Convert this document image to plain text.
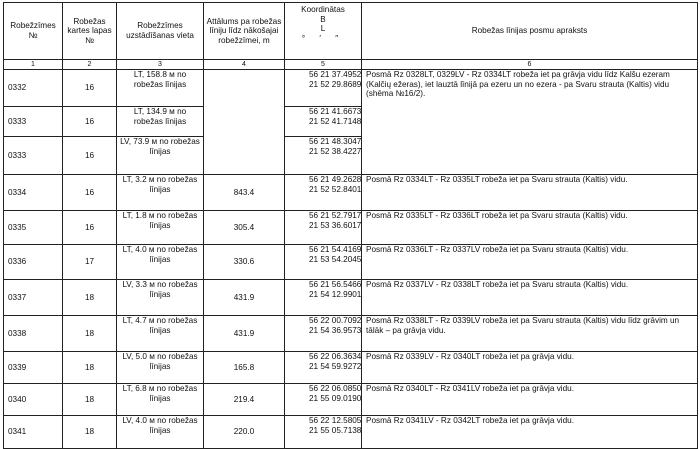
Robežzīmes №	Robežas kartes lapas №	Robežzīmes uzstādīšanas vieta	Attālums pa robežas līniju līdz nākošajai robežzīmei, m	Koordinātas
B
L
° ′ ″	Robežas līnijas posmu apraksts
1	2	3	4	5	6
0332	16	LT, 158.8 м no robežas līnijas		56 21 37.4952
21 52 29.8689	Posmā Rz 0328LT, 0329LV - Rz 0334LT robeža iet pa grāvja vidu līdz Kalšu ezeram (Kalčių ežeras), iet lauztā līnijā pa ezeru un no ezera - pa Svaru strauta (Kaltis) vidu (shēma №16/2).
0333	16	LT, 134.9 м no robežas līnijas		56 21 41.6673
21 52 41.7148	

0333	16	LV, 73.9 м no robežas līnijas		56 21 48.3047
21 52 38.4227	

0334	16	LT, 3.2 м no robežas līnijas	843.4	56 21 49.2628
21 52 52.8401	Posmā Rz 0334LT - Rz 0335LT robeža iet pa Svaru strauta (Kaltis) vidu.
0335	16	LT, 1.8 м no robežas līnijas	305.4	56 21 52.7917
21 53 36.6017	Posmā Rz 0335LT - Rz 0336LT robeža iet pa Svaru strauta (Kaltis) vidu.
0336	17	LT, 4.0 м no robežas līnijas	330.6	56 21 54.4169
21 53 54.2045	Posmā Rz 0336LT - Rz 0337LV robeža iet pa Svaru strauta (Kaltis) vidu.
0337	18	LV, 3.3 м no robežas līnijas	431.9	56 21 56.5466
21 54 12.9901	Posmā Rz 0337LV - Rz 0338LT robeža iet pa Svaru strauta (Kaltis) vidu.
0338	18	LT, 4.7 м no robežas līnijas	431.9	56 22 00.7092
21 54 36.9573	Posmā Rz 0338LT - Rz 0339LV robeža iet pa Svaru strauta (Kaltis) vidu līdz grāvim un tālāk – pa grāvja vidu.
0339	18	LV, 5.0 м no robežas līnijas	165.8	56 22 06.3634
21 54 59.9272	Posmā Rz 0339LV - Rz 0340LT robeža iet pa grāvja vidu.
0340	18	LT, 6.8 м no robežas līnijas	219.4	56 22 06.0850
21 55 09.0190	Posmā Rz 0340LT - Rz 0341LV robeža iet pa grāvja vidu.
0341	18	LV, 4.0 м no robežas līnijas	220.0	56 22 12.5805
21 55 05.7138	Posmā Rz 0341LV - Rz 0342LT robeža iet pa grāvja vidu.
